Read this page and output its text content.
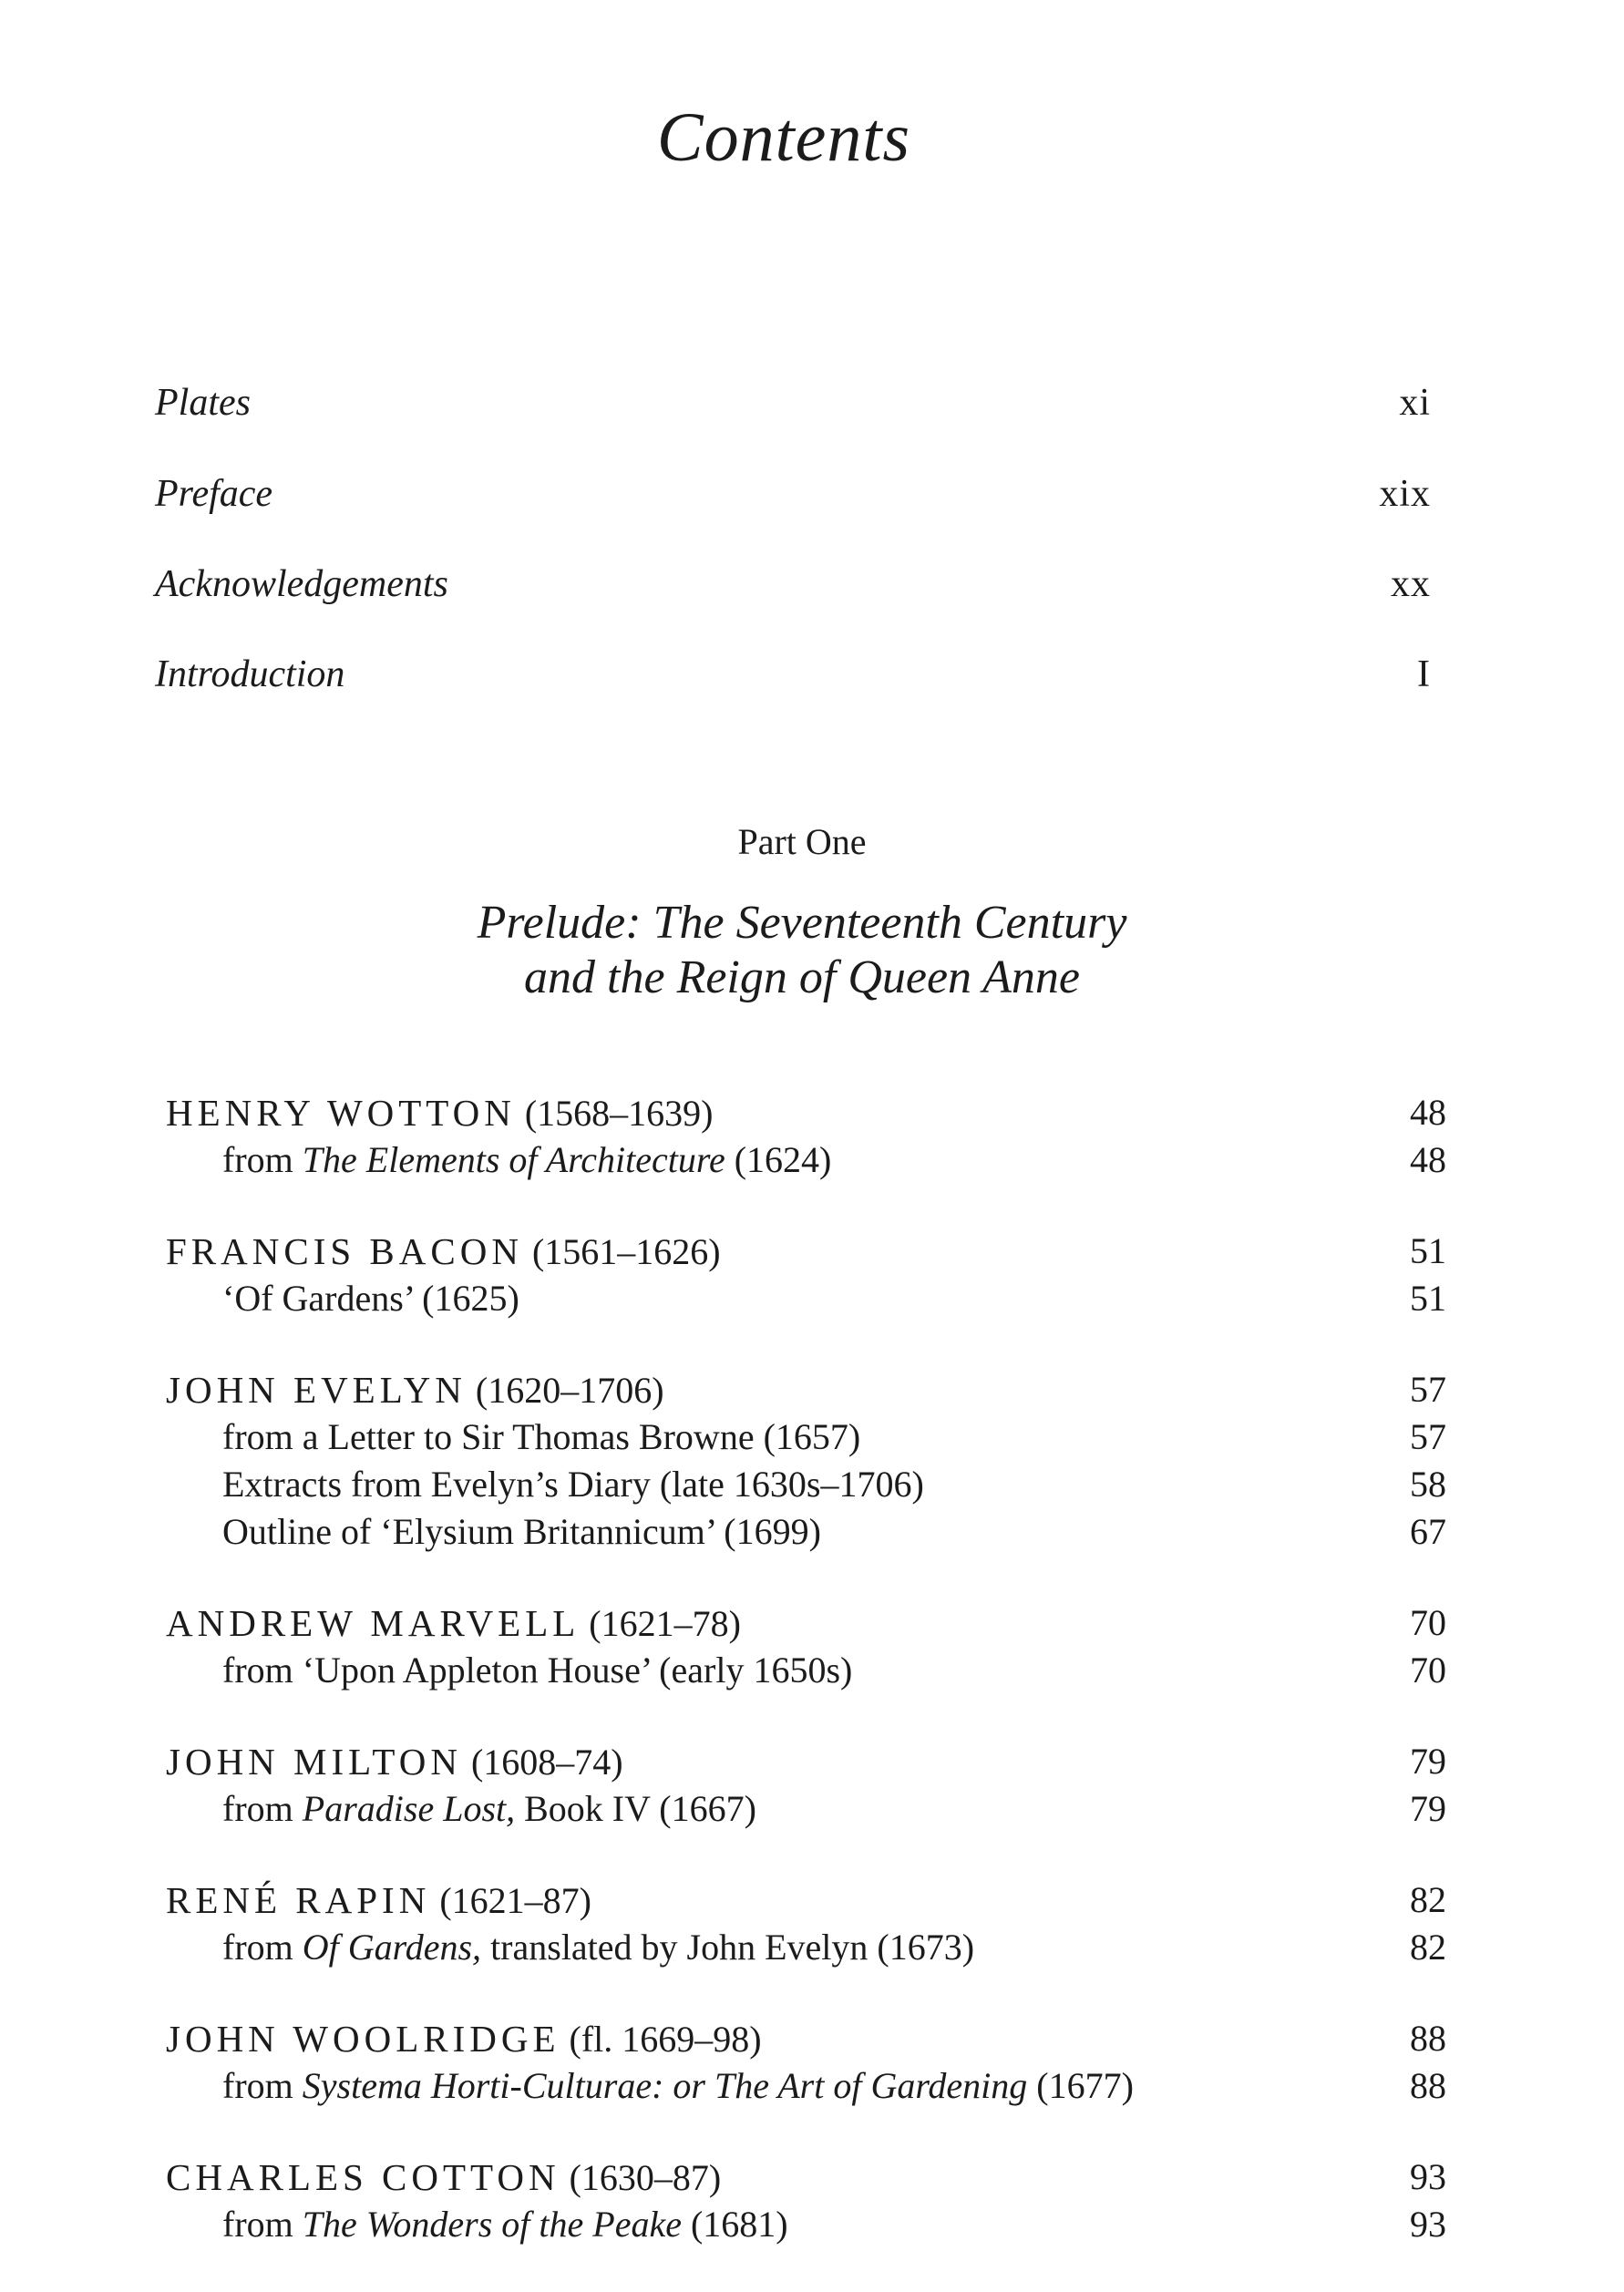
Contents
Plates	xi
Preface	xix
Acknowledgements	xx
Introduction	I
Part One
Prelude: The Seventeenth Century
and the Reign of Queen Anne
HENRY WOTTON (1568–1639)	48
from The Elements of Architecture (1624)	48
FRANCIS BACON (1561–1626)	51
‘Of Gardens’ (1625)	51
JOHN EVELYN (1620–1706)	57
from a Letter to Sir Thomas Browne (1657)	57
Extracts from Evelyn’s Diary (late 1630s–1706)	58
Outline of ‘Elysium Britannicum’ (1699)	67
ANDREW MARVELL (1621–78)	70
from ‘Upon Appleton House’ (early 1650s)	70
JOHN MILTON (1608–74)	79
from Paradise Lost, Book IV (1667)	79
RENÉ RAPIN (1621–87)	82
from Of Gardens, translated by John Evelyn (1673)	82
JOHN WOOLRIDGE (fl. 1669–98)	88
from Systema Horti-Culturae: or The Art of Gardening (1677)	88
CHARLES COTTON (1630–87)	93
from The Wonders of the Peake (1681)	93
